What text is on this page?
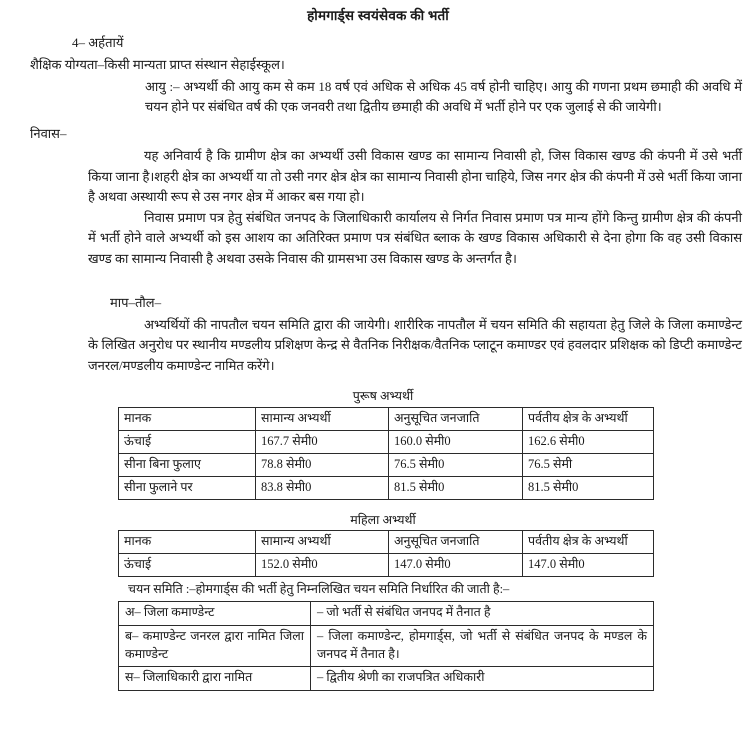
होमगार्ड्स स्वयंसेवक की भर्ती
4– अर्हतायें
शैक्षिक योग्यता–किसी मान्यता प्राप्त संस्थान सेहाईस्कूल।
आयु :– अभ्यर्थी की आयु कम से कम 18 वर्ष एवं अधिक से अधिक 45 वर्ष होनी चाहिए। आयु की गणना प्रथम छमाही की अवधि में चयन होने पर संबंधित वर्ष की एक जनवरी तथा द्वितीय छमाही की अवधि में भर्ती होने पर एक जुलाई से की जायेगी।
निवास–
यह अनिवार्य है कि ग्रामीण क्षेत्र का अभ्यर्थी उसी विकास खण्ड का सामान्य निवासी हो, जिस विकास खण्ड की कंपनी में उसे भर्ती किया जाना है।शहरी क्षेत्र का अभ्यर्थी या तो उसी नगर क्षेत्र क्षेत्र का सामान्य निवासी होना चाहिये, जिस नगर क्षेत्र की कंपनी में उसे भर्ती किया जाना है अथवा अस्थायी रूप से उस नगर क्षेत्र में आकर बस गया हो।
निवास प्रमाण पत्र हेतु संबंधित जनपद के जिलाधिकारी कार्यालय से निर्गत निवास प्रमाण पत्र मान्य होंगे किन्तु ग्रामीण क्षेत्र की कंपनी में भर्ती होने वाले अभ्यर्थी को इस आशय का अतिरिक्त प्रमाण पत्र संबंधित ब्लाक के खण्ड विकास अधिकारी से देना होगा कि वह उसी विकास खण्ड का सामान्य निवासी है अथवा उसके निवास की ग्रामसभा उस विकास खण्ड के अन्तर्गत है।
माप–तौल–
अभ्यर्थियों की नापतौल चयन समिति द्वारा की जायेगी। शारीरिक नापतौल में चयन समिति की सहायता हेतु जिले के जिला कमाण्डेन्ट के लिखित अनुरोध पर स्थानीय मण्डलीय प्रशिक्षण केन्द्र से वैतनिक निरीक्षक/वैतनिक प्लाटून कमाण्डर एवं हवलदार प्रशिक्षक को डिप्टी कमाण्डेन्ट जनरल/मण्डलीय कमाण्डेन्ट नामित करेंगे।
पुरूष अभ्यर्थी
मानक	सामान्य अभ्यर्थी	अनुसूचित जनजाति	पर्वतीय क्षेत्र के अभ्यर्थी
ऊंचाई	167.7 सेमी0	160.0 सेमी0	162.6 सेमी0
सीना बिना फुलाए	78.8 सेमी0	76.5 सेमी0	76.5 सेमी
सीना फुलाने पर	83.8 सेमी0	81.5 सेमी0	81.5 सेमी0
महिला अभ्यर्थी
मानक	सामान्य अभ्यर्थी	अनुसूचित जनजाति	पर्वतीय क्षेत्र के अभ्यर्थी
ऊंचाई	152.0 सेमी0	147.0 सेमी0	147.0 सेमी0
चयन समिति :–होमगार्ड्स की भर्ती हेतु निम्नलिखित चयन समिति निर्धारित की जाती है:–
अ– जिला कमाण्डेन्ट	– जो भर्ती से संबंधित जनपद में तैनात है
ब– कमाण्डेन्ट जनरल द्वारा नामित जिला कमाण्डेन्ट	– जिला कमाण्डेन्ट, होमगार्ड्स, जो भर्ती से संबंधित जनपद के मण्डल के जनपद में तैनात है।
स– जिलाधिकारी द्वारा नामित	– द्वितीय श्रेणी का राजपत्रित अधिकारी
